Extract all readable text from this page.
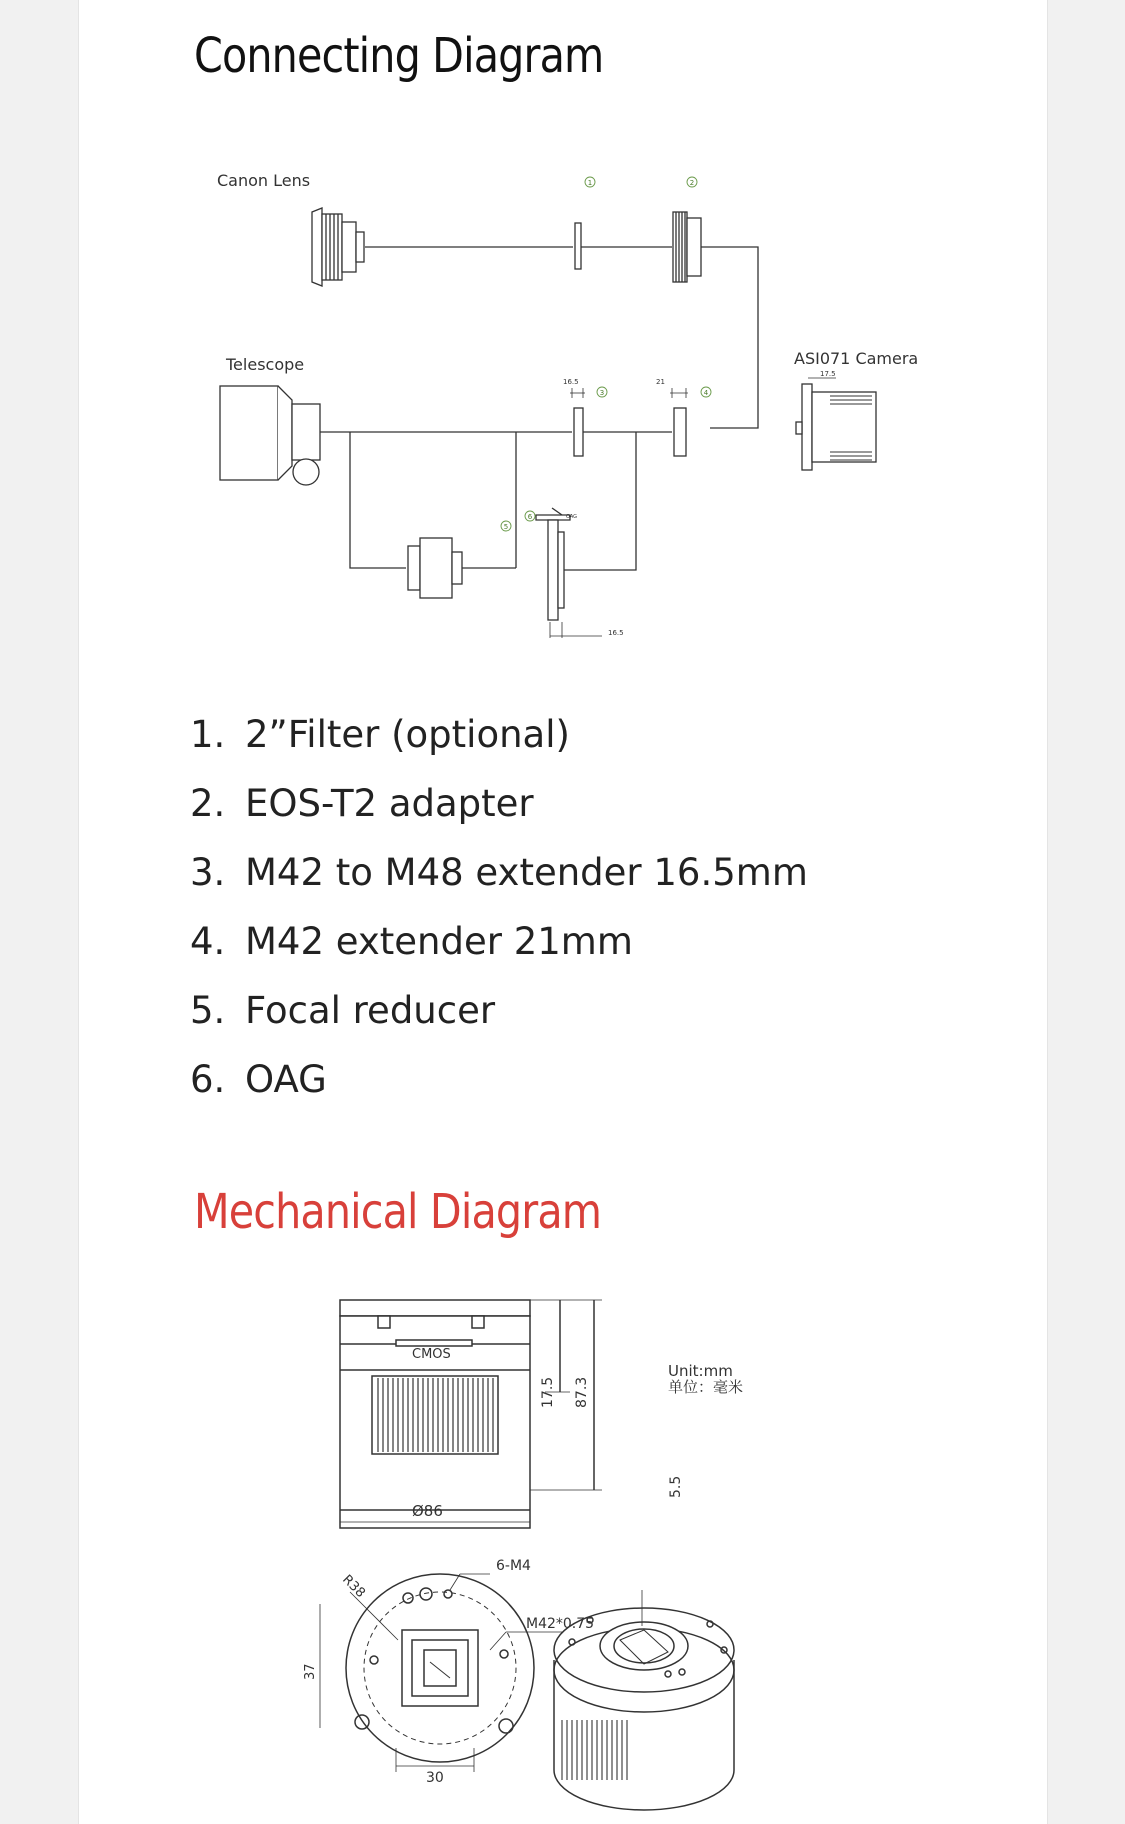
Connecting Diagram
1	2
3	4
5
6
Canon Lens
Telescope	ASI071 Camera
16.5	21
17.5
OAG
16.5
1. 2”Filter (optional)
2. EOS-T2 adapter
3. M42 to M48 extender 16.5mm
4. M42 extender 21mm
5. Focal reducer
6. OAG
Mechanical Diagram
CMOS
17.5 87.3
Unit:mm
单位：毫米
5.5
Ø86
6-M4
R38
M42*0.75
37
30
